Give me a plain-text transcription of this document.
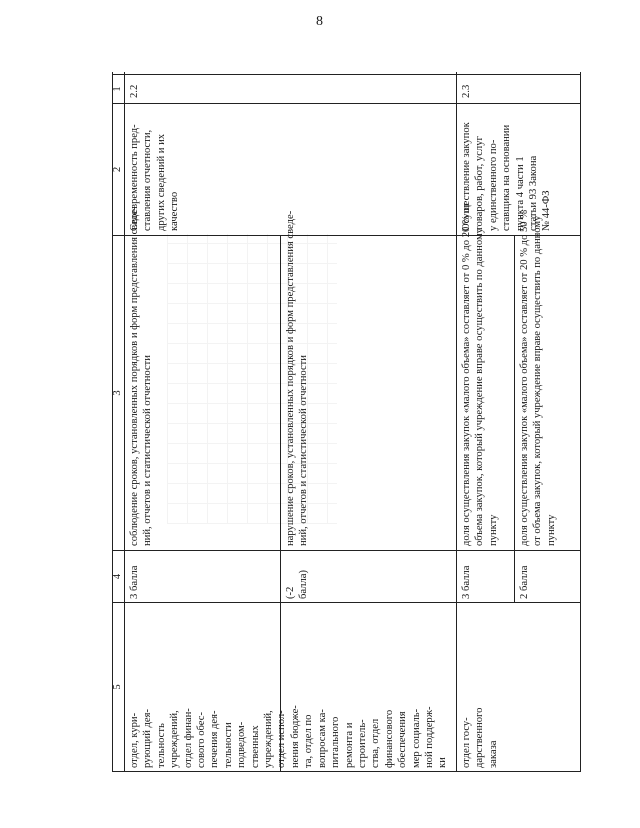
8
1
2
3
4
5
2.2
Своевременность пред-
ставления отчетности,
других сведений и их
качество
соблюдение сроков, установленных порядков и форм представления сведе-
ний, отчетов и статистической отчетности
3 балла
нарушение сроков, установленных порядков и форм представления сведе-
ний, отчетов и статистической отчетности
(-2
балла)
отдел, кури-
рующий дея-
тельность
учреждений,
отдел финан-
сового обес-
печения дея-
тельности
подведом-
ственных
учреждений,
отдел испол-
нения бюдже-
та, отдел по
вопросам ка-
питального
ремонта и
строитель-
ства, отдел
финансового
обеспечения
мер социаль-
ной поддерж-
ки
2.3
Осуществление закупок
товаров, работ, услуг
у единственного по-
ставщика на основании
пункта 4 части 1
статьи 93 Закона
№ 44-ФЗ
доля осуществления закупок «малого объема» составляет от 0 % до 20 % от
объема закупок, который учреждение вправе осуществить по данному
пункту
3 балла
доля осуществления закупок «малого объема» составляет от 20 % до 50 %
от объема закупок, который учреждение вправе осуществить по данному
пункту
2 балла
отдел госу-
дарственного
заказа
